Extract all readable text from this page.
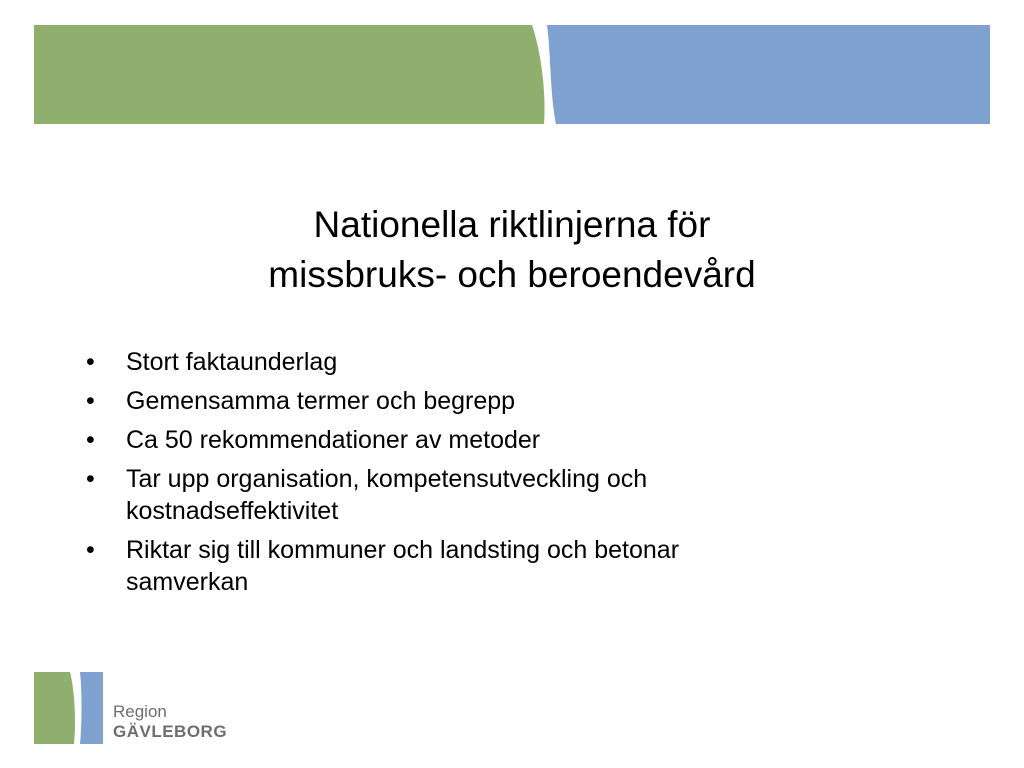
Nationella riktlinjerna för
missbruks- och beroendevård
•	Stort faktaunderlag
•	Gemensamma termer och begrepp
•	Ca 50 rekommendationer av metoder
•	Tar upp organisation, kompetensutveckling och kostnadseffektivitet
•	Riktar sig till kommuner och landsting och betonar samverkan
Region
GÄVLEBORG
